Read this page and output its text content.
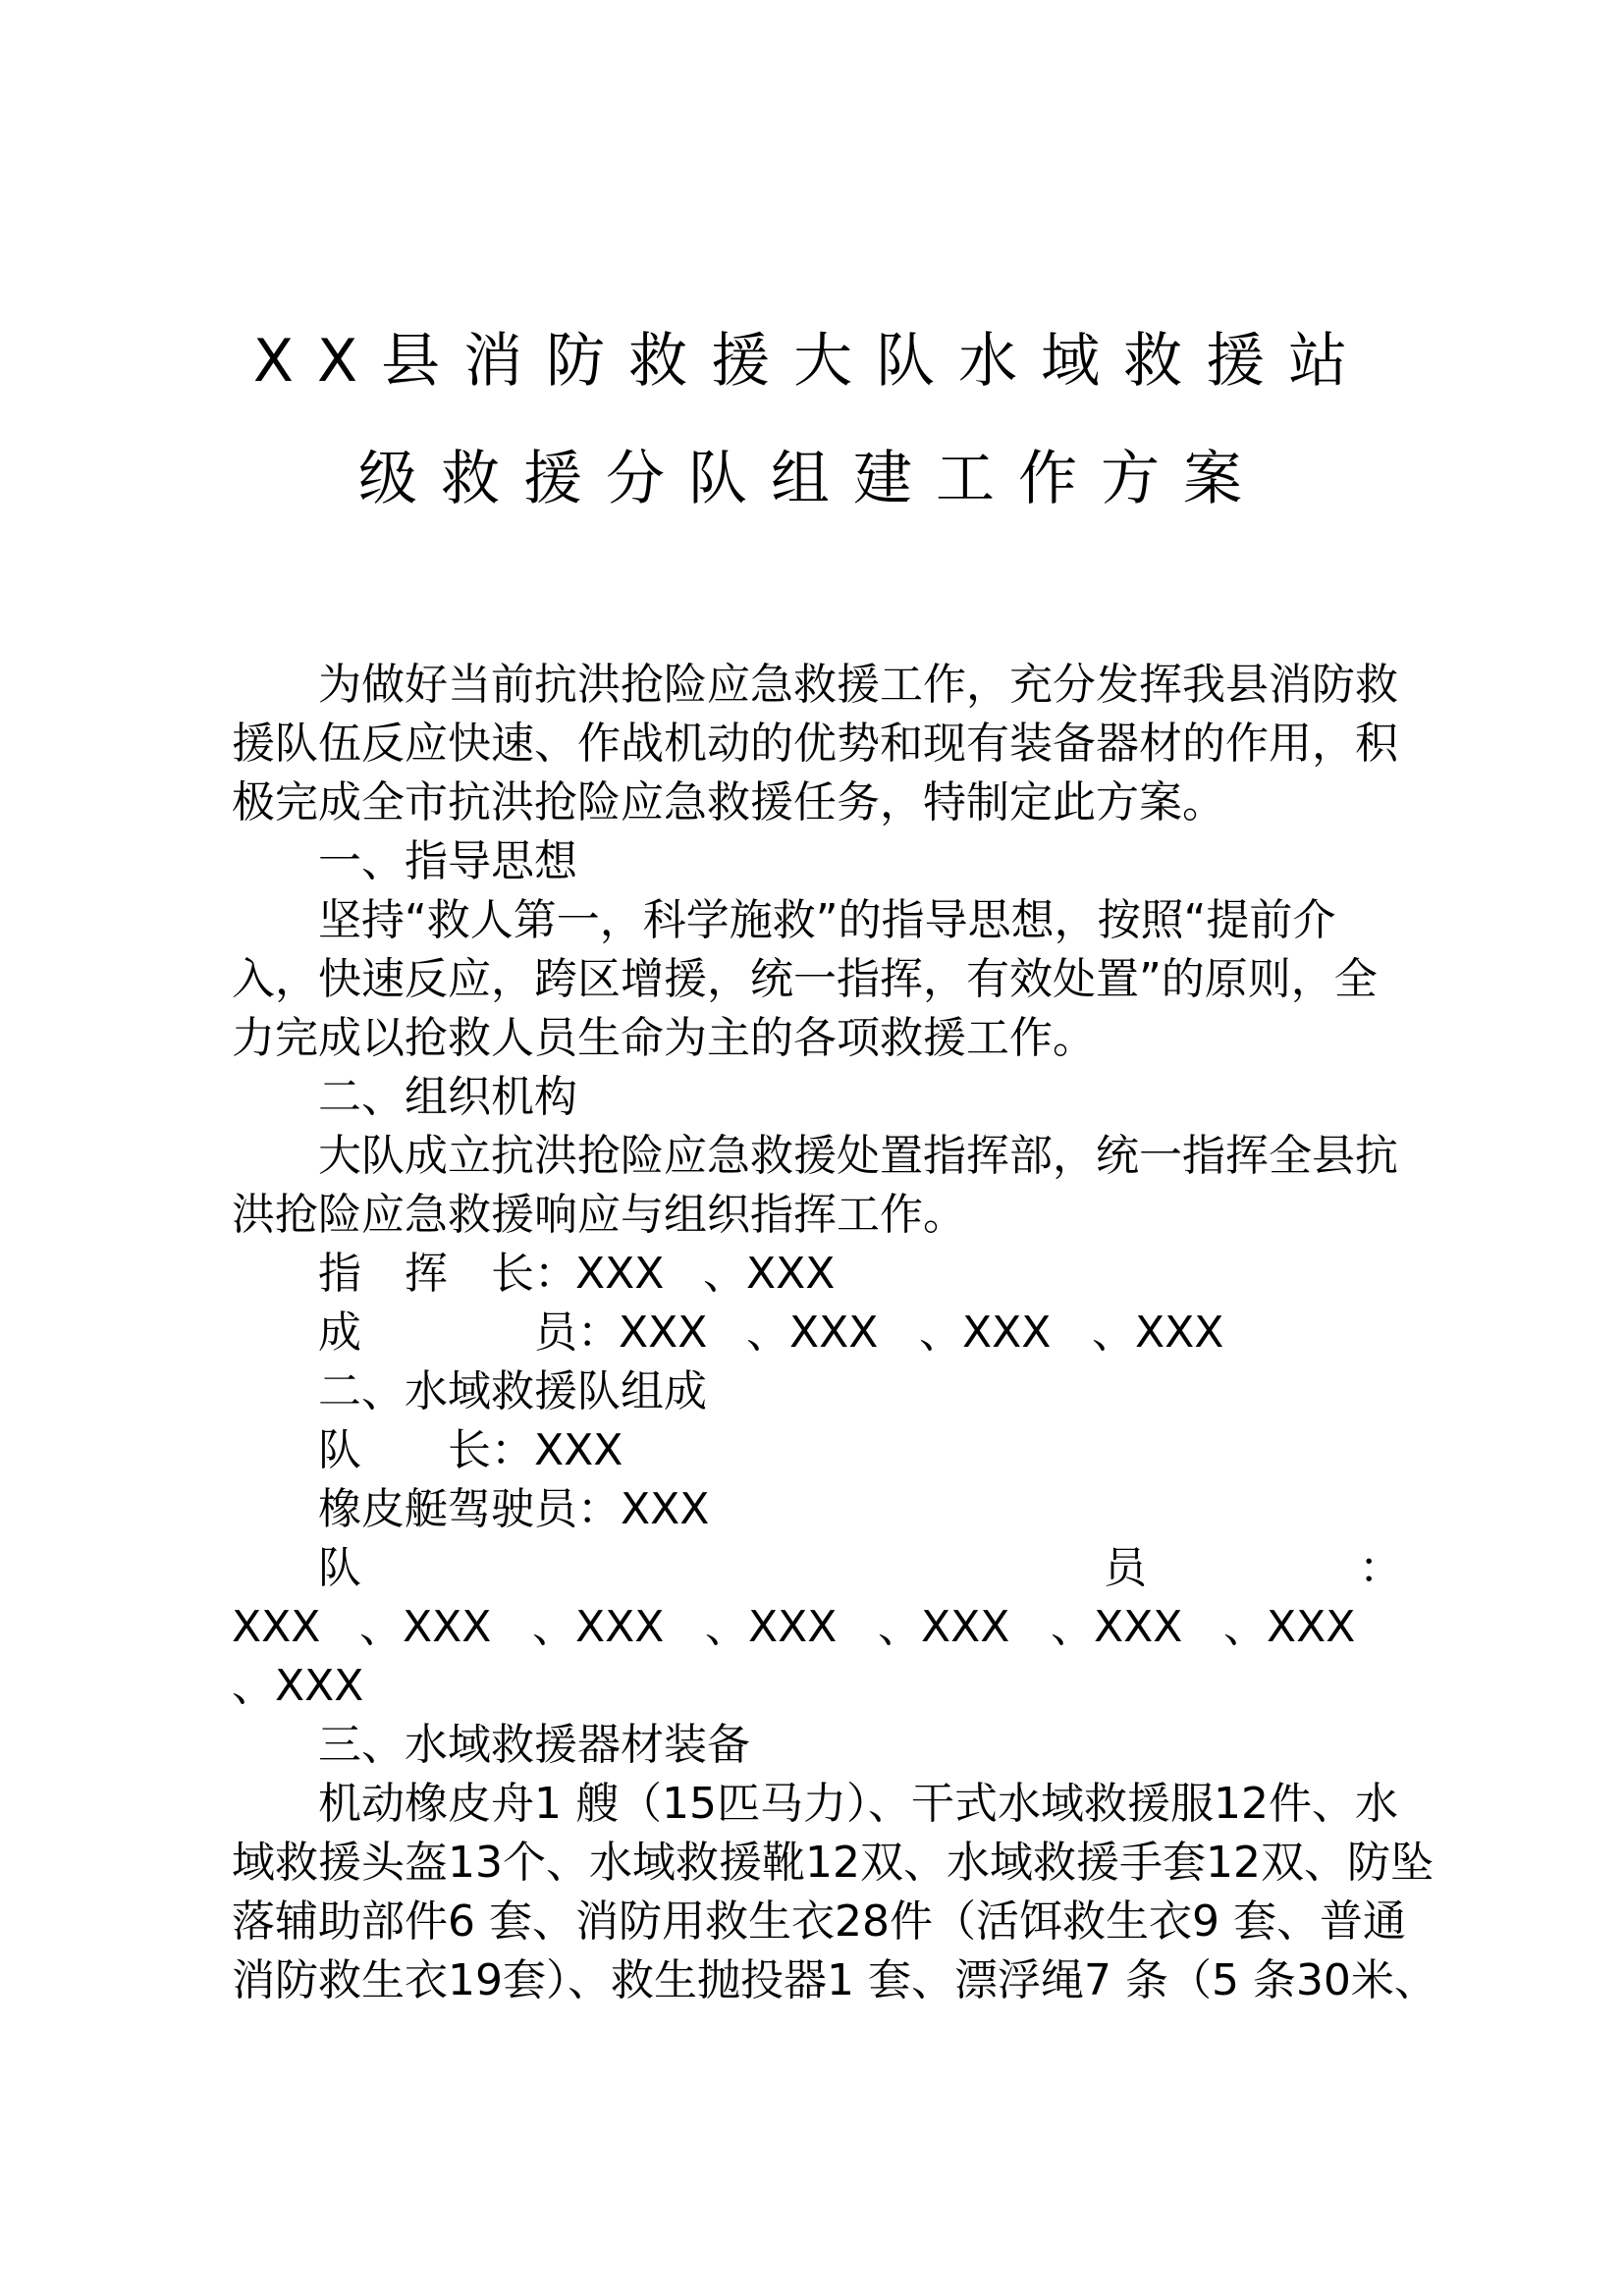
XX县消防救援大队水域救援站
级救援分队组建工作方案
为做好当前抗洪抢险应急救援工作，充分发挥我县消防救
援队伍反应快速、作战机动的优势和现有装备器材的作用，积
极完成全市抗洪抢险应急救援任务，特制定此方案。
一、指导思想
坚持“救人第一，科学施救”的指导思想，按照“提前介
入，快速反应，跨区增援，统一指挥，有效处置”的原则，全
力完成以抢救人员生命为主的各项救援工作。
二、组织机构
大队成立抗洪抢险应急救援处置指挥部，统一指挥全县抗
洪抢险应急救援响应与组织指挥工作。
指 挥 长：
XXX 、XXX
成	员：
XXX 、XXX 、XXX 、XXX
二、水域救援队组成
队 长：XXX
橡皮艇驾驶员：XXX
队	员	：
XXX 、XXX 、XXX 、XXX 、XXX 、XXX 、XXX
、XXX
三、水域救援器材装备
机动橡皮舟1 艘（15匹马力）、干式水域救援服12件、水
域救援头盔13个、水域救援靴12双、水域救援手套12双、防坠
落辅助部件6 套、消防用救生衣28件（活饵救生衣9 套、普通
消防救生衣19套）、救生抛投器1 套、漂浮绳7 条（5 条30米、
